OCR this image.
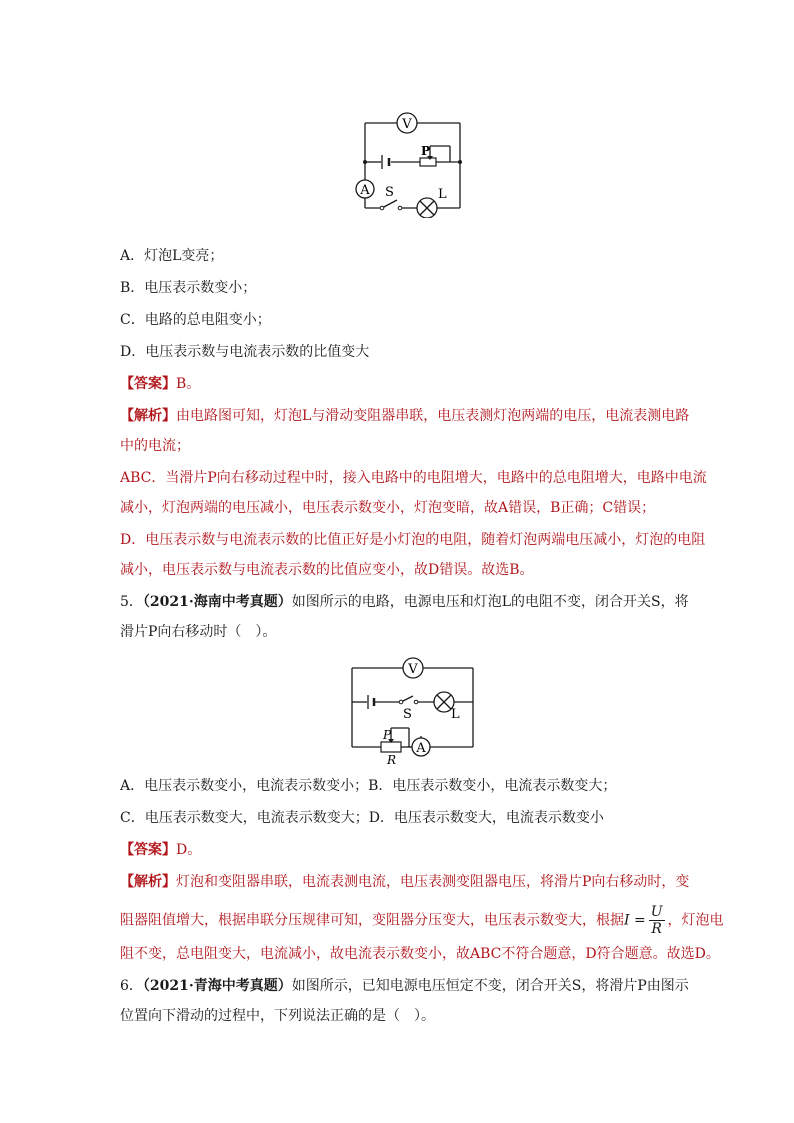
V
A
P
S	L
A．灯泡L变亮；
B．电压表示数变小；
C．电路的总电阻变小；
D．电压表示数与电流表示数的比值变大
【答案】B。
【解析】由电路图可知，灯泡L与滑动变阻器串联，电压表测灯泡两端的电压，电流表测电路
中的电流；
ABC．当滑片P向右移动过程中时，接入电路中的电阻增大，电路中的总电阻增大，电路中电流
减小，灯泡两端的电压减小，电压表示数变小，灯泡变暗，故A错误，B正确；C错误；
D．电压表示数与电流表示数的比值正好是小灯泡的电阻，随着灯泡两端电压减小，灯泡的电阻
减小，电压表示数与电流表示数的比值应变小，故D错误。故选B。
5．（2021·海南中考真题）如图所示的电路，电源电压和灯泡L的电阻不变，闭合开关S，将
滑片P向右移动时（　）。
V
A
P
R
S	L
A．电压表示数变小，电流表示数变小；B．电压表示数变小，电流表示数变大；
C．电压表示数变大，电流表示数变大；D．电压表示数变大，电流表示数变小
【答案】D。
【解析】灯泡和变阻器串联，电流表测电流，电压表测变阻器电压，将滑片P向右移动时，变
阻器阻值增大，根据串联分压规律可知，变阻器分压变大，电压表示数变大，根据$I = \frac{U}{R}$ ，灯泡电
阻不变，总电阻变大，电流减小，故电流表示数变小，故ABC不符合题意，D符合题意。故选D。
6．（2021·青海中考真题）如图所示，已知电源电压恒定不变，闭合开关S，将滑片P由图示
位置向下滑动的过程中，下列说法正确的是（　）。
